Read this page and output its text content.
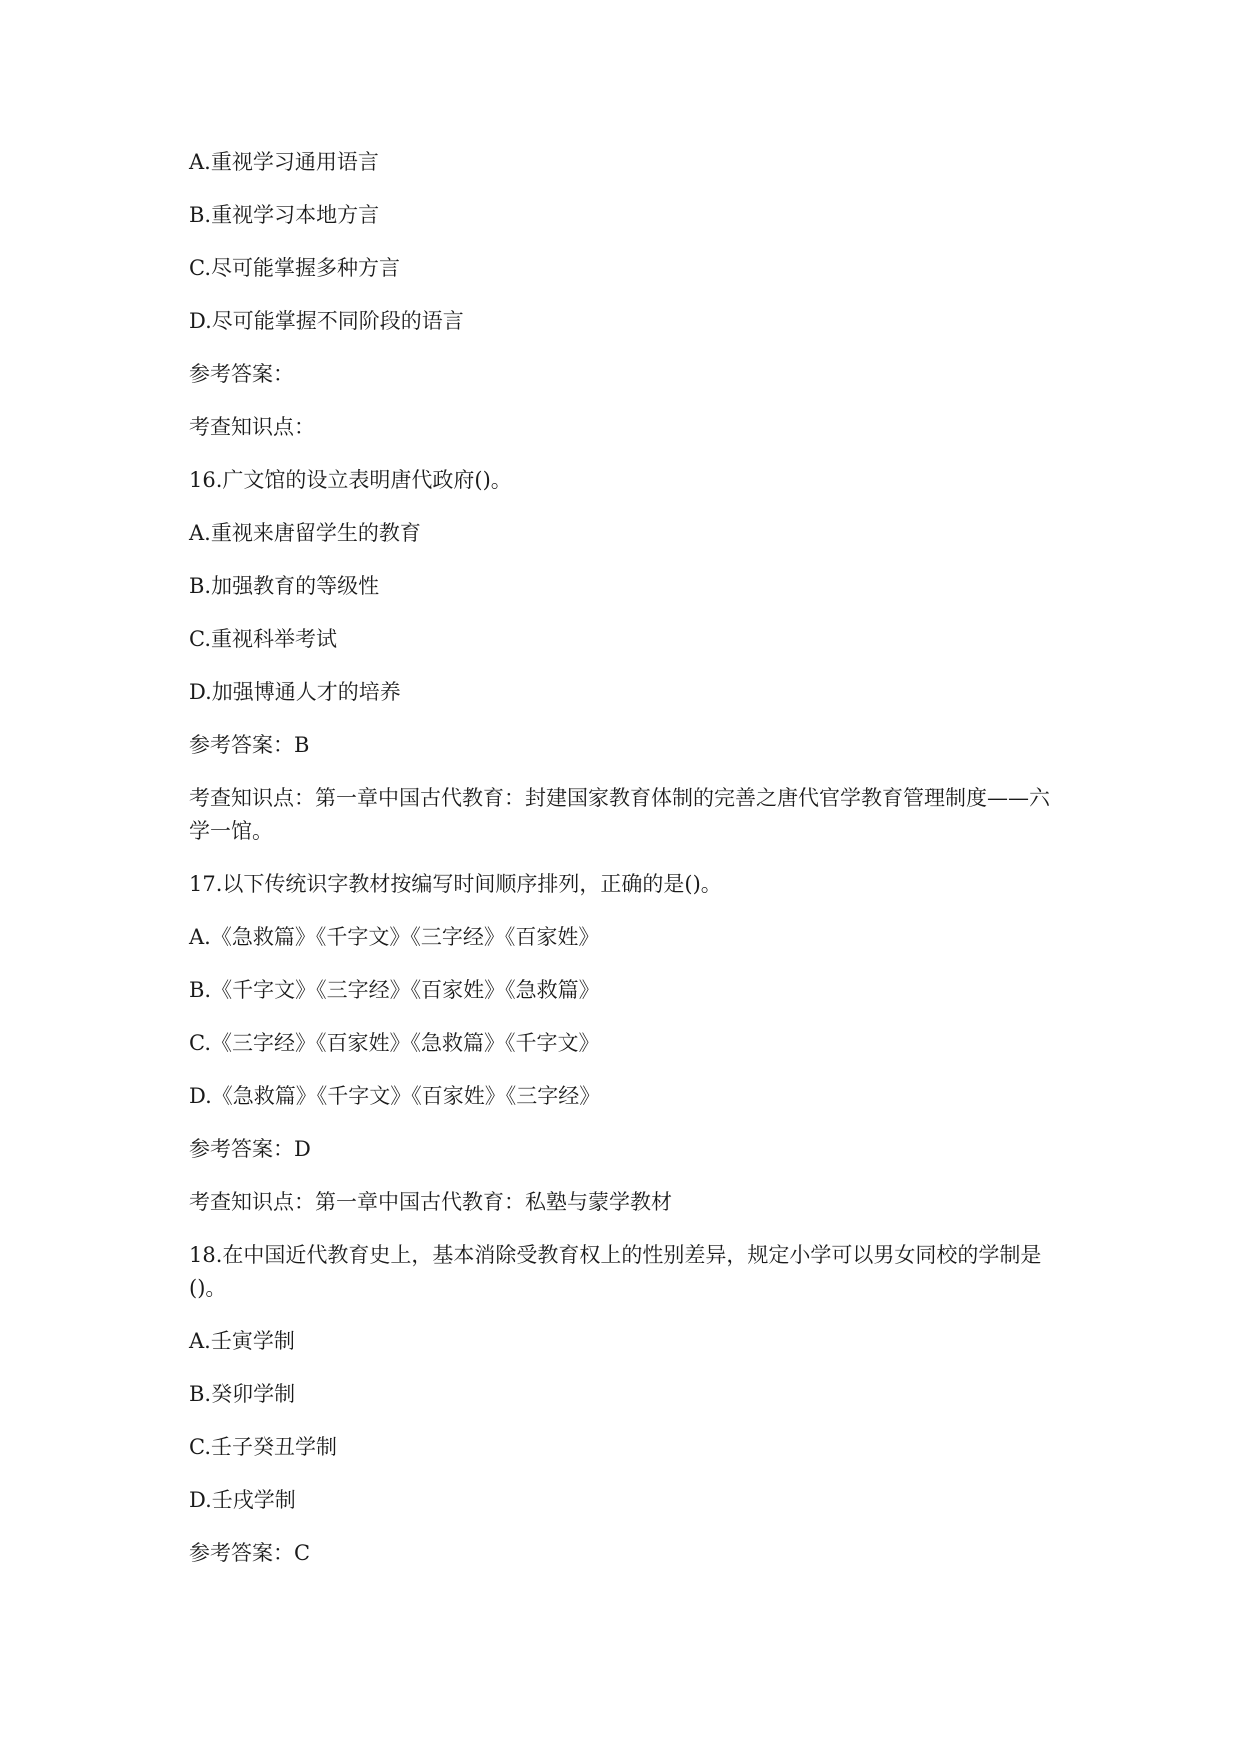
A.重视学习通用语言

B.重视学习本地方言

C.尽可能掌握多种方言

D.尽可能掌握不同阶段的语言

参考答案：

考查知识点：

16.广文馆的设立表明唐代政府()。

A.重视来唐留学生的教育

B.加强教育的等级性

C.重视科举考试

D.加强博通人才的培养

参考答案：B

考查知识点：第一章中国古代教育：封建国家教育体制的完善之唐代官学教育管理制度——六学一馆。

17.以下传统识字教材按编写时间顺序排列，正确的是()。

A.《急救篇》《千字文》《三字经》《百家姓》

B.《千字文》《三字经》《百家姓》《急救篇》

C.《三字经》《百家姓》《急救篇》《千字文》

D.《急救篇》《千字文》《百家姓》《三字经》

参考答案：D

考查知识点：第一章中国古代教育：私塾与蒙学教材

18.在中国近代教育史上，基本消除受教育权上的性别差异，规定小学可以男女同校的学制是()。

A.壬寅学制

B.癸卯学制

C.壬子癸丑学制

D.壬戌学制

参考答案：C
